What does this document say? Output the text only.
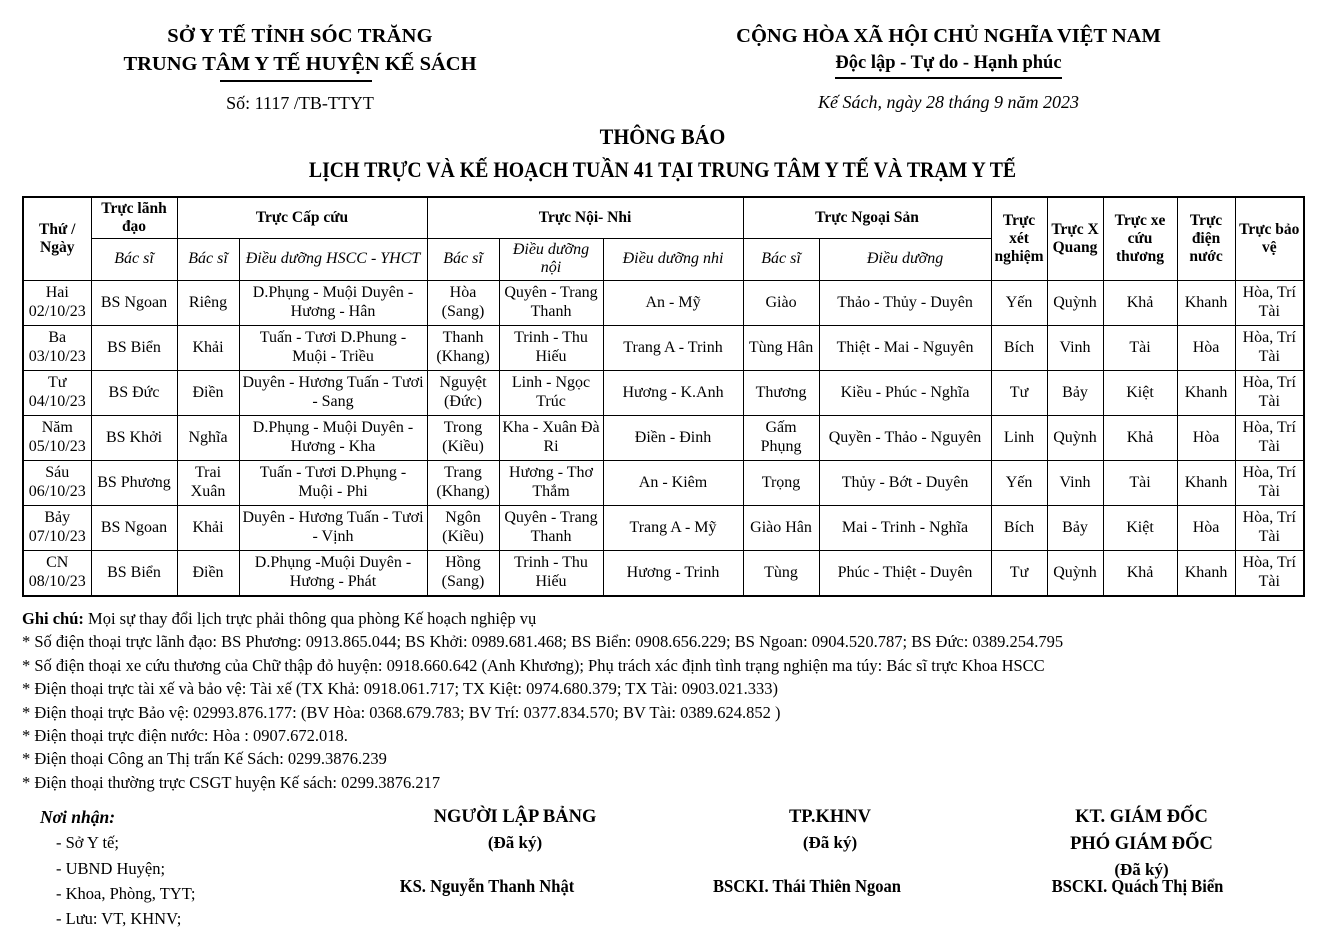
SỞ Y TẾ TỈNH SÓC TRĂNG
TRUNG TÂM Y TẾ HUYỆN KẾ SÁCH
Số: 1117 /TB-TTYT
CỘNG HÒA XÃ HỘI CHỦ NGHĨA VIỆT NAM
Độc lập - Tự do - Hạnh phúc
Kế Sách, ngày 28 tháng 9 năm 2023
THÔNG BÁO
LỊCH TRỰC VÀ KẾ HOẠCH TUẦN 41 TẠI TRUNG TÂM Y TẾ VÀ TRẠM Y TẾ
Thứ / Ngày	Trực lãnh đạo	Trực Cấp cứu		Trực Nội- Nhi			Trực Ngoại Sản		Trực xét nghiệm	Trực X Quang	Trực xe cứu thương	Trực điện nước	Trực bảo vệ
	Bác sĩ	Bác sĩ	Điều dưỡng HSCC - YHCT	Bác sĩ	Điều dưỡng nội	Điều dưỡng nhi	Bác sĩ	Điều dưỡng					

Hai
02/10/23	BS Ngoan	Riêng	D.Phụng - Muội Duyên - Hương - Hân	Hòa (Sang)	Quyên - Trang Thanh	An - Mỹ	Giào	Thảo - Thủy - Duyên	Yến	Quỳnh	Khả	Khanh	Hòa, Trí Tài

Ba
03/10/23	BS Biển	Khải	Tuấn - Tươi D.Phung - Muội - Triều	Thanh (Khang)	Trinh - Thu Hiếu	Trang A - Trinh	Tùng Hân	Thiệt - Mai - Nguyên	Bích	Vinh	Tài	Hòa	Hòa, Trí Tài

Tư
04/10/23	BS Đức	Điền	Duyên - Hương Tuấn - Tươi - Sang	Nguyệt (Đức)	Linh - Ngọc Trúc	Hương - K.Anh	Thương	Kiều - Phúc - Nghĩa	Tư	Bảy	Kiệt	Khanh	Hòa, Trí Tài

Năm
05/10/23	BS Khởi	Nghĩa	D.Phụng - Muội Duyên - Hương - Kha	Trong (Kiều)	Kha - Xuân Đà Ri	Điền - Đinh	Gấm Phụng	Quyền - Thảo - Nguyên	Linh	Quỳnh	Khả	Hòa	Hòa, Trí Tài

Sáu
06/10/23	BS Phương	Trai Xuân	Tuấn - Tươi D.Phụng - Muội - Phi	Trang (Khang)	Hương - Thơ Thắm	An - Kiêm	Trọng	Thủy - Bớt - Duyên	Yến	Vinh	Tài	Khanh	Hòa, Trí Tài

Bảy
07/10/23	BS Ngoan	Khải	Duyên - Hương Tuấn - Tươi - Vịnh	Ngôn (Kiều)	Quyên - Trang Thanh	Trang A - Mỹ	Giào Hân	Mai - Trinh - Nghĩa	Bích	Bảy	Kiệt	Hòa	Hòa, Trí Tài

CN
08/10/23	BS Biển	Điền	D.Phụng -Muội Duyên - Hương - Phát	Hồng (Sang)	Trinh - Thu Hiếu	Hương - Trinh	Tùng	Phúc - Thiệt - Duyên	Tư	Quỳnh	Khả	Khanh	Hòa, Trí Tài
Ghi chú: Mọi sự thay đổi lịch trực phải thông qua phòng Kế hoạch nghiệp vụ
* Số điện thoại trực lãnh đạo: BS Phương: 0913.865.044; BS Khởi: 0989.681.468; BS Biển: 0908.656.229; BS Ngoan: 0904.520.787; BS Đức: 0389.254.795
* Số điện thoại xe cứu thương của Chữ thập đỏ huyện: 0918.660.642 (Anh Khương); Phụ trách xác định tình trạng nghiện ma túy: Bác sĩ trực Khoa HSCC
* Điện thoại trực tài xế và bảo vệ: Tài xế (TX Khả: 0918.061.717; TX Kiệt: 0974.680.379; TX Tài: 0903.021.333)
* Điện thoại trực Bảo vệ: 02993.876.177: (BV Hòa: 0368.679.783; BV Trí: 0377.834.570; BV Tài: 0389.624.852 )
* Điện thoại trực điện nước: Hòa : 0907.672.018.
* Điện thoại Công an Thị trấn Kế Sách: 0299.3876.239
* Điện thoại thường trực CSGT huyện Kế sách: 0299.3876.217
Nơi nhận:
- Sở Y tế;
- UBND Huyện;
- Khoa, Phòng, TYT;
- Lưu: VT, KHNV;
NGƯỜI LẬP BẢNG
(Đã ký)
TP.KHNV
(Đã ký)
KT. GIÁM ĐỐC
PHÓ GIÁM ĐỐC
(Đã ký)
KS. Nguyễn Thanh Nhật	BSCKI. Thái Thiên Ngoan	BSCKI. Quách Thị Biển
